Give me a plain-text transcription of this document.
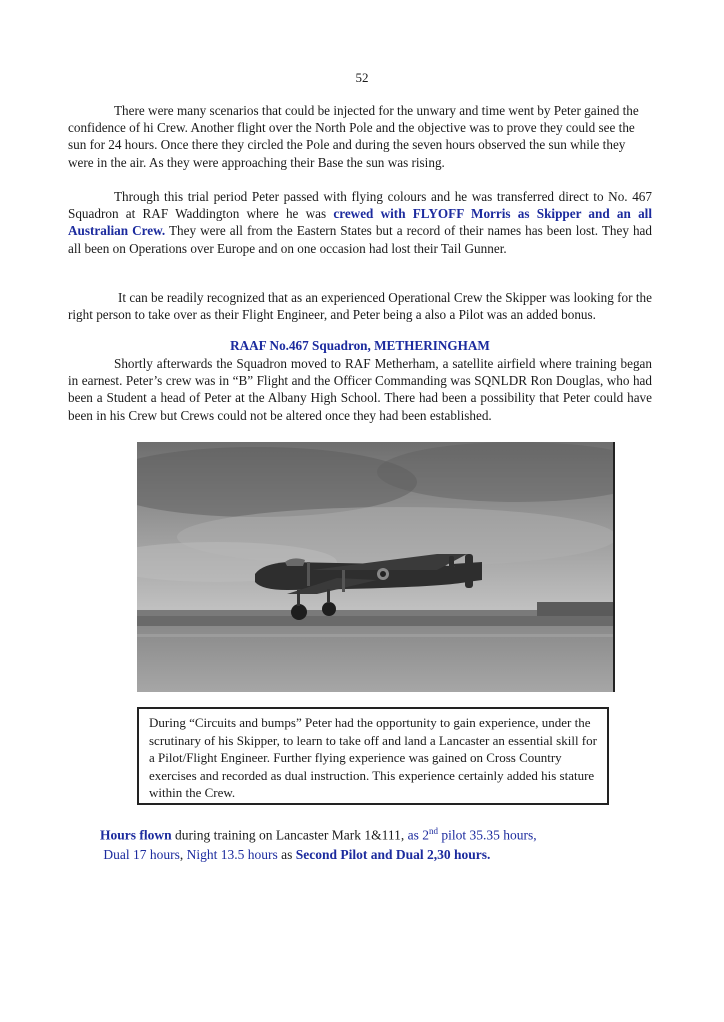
52

There were many scenarios that could be injected for the unwary and time went by Peter gained the confidence of hi Crew. Another flight over the North Pole and the objective was to prove they could see the sun for 24 hours. Once there they circled the Pole and during the seven hours observed the sun while they were in the air. As they were approaching their Base the sun was rising.

Through this trial period Peter passed with flying colours and he was transferred direct to No. 467 Squadron at RAF Waddington where he was crewed with FLYOFF Morris as Skipper and an all Australian Crew. They were all from the Eastern States but a record of their names has been lost. They had all been on Operations over Europe and on one occasion had lost their Tail Gunner.

It can be readily recognized that as an experienced Operational Crew the Skipper was looking for the right person to take over as their Flight Engineer, and Peter being a also a Pilot was an added bonus.

RAAF No.467 Squadron, METHERINGHAM

Shortly afterwards the Squadron moved to RAF Metherham, a satellite airfield where training began in earnest. Peter’s crew was in “B” Flight and the Officer Commanding was SQNLDR Ron Douglas, who had been a Student a head of Peter at the Albany High School. There had been a possibility that Peter could have been in his Crew but Crews could not be altered once they had been established.

During “Circuits and bumps” Peter had the opportunity to gain experience, under the scrutinary of his Skipper, to learn to take off and land a Lancaster an essential skill for a Pilot/Flight Engineer. Further flying experience was gained on Cross Country exercises and recorded as dual instruction. This experience certainly added his stature within the Crew.
Hours flown during training on Lancaster Mark 1&111, as 2nd pilot 35.35 hours,
Dual 17 hours, Night 13.5 hours as Second Pilot and Dual 2,30 hours.
